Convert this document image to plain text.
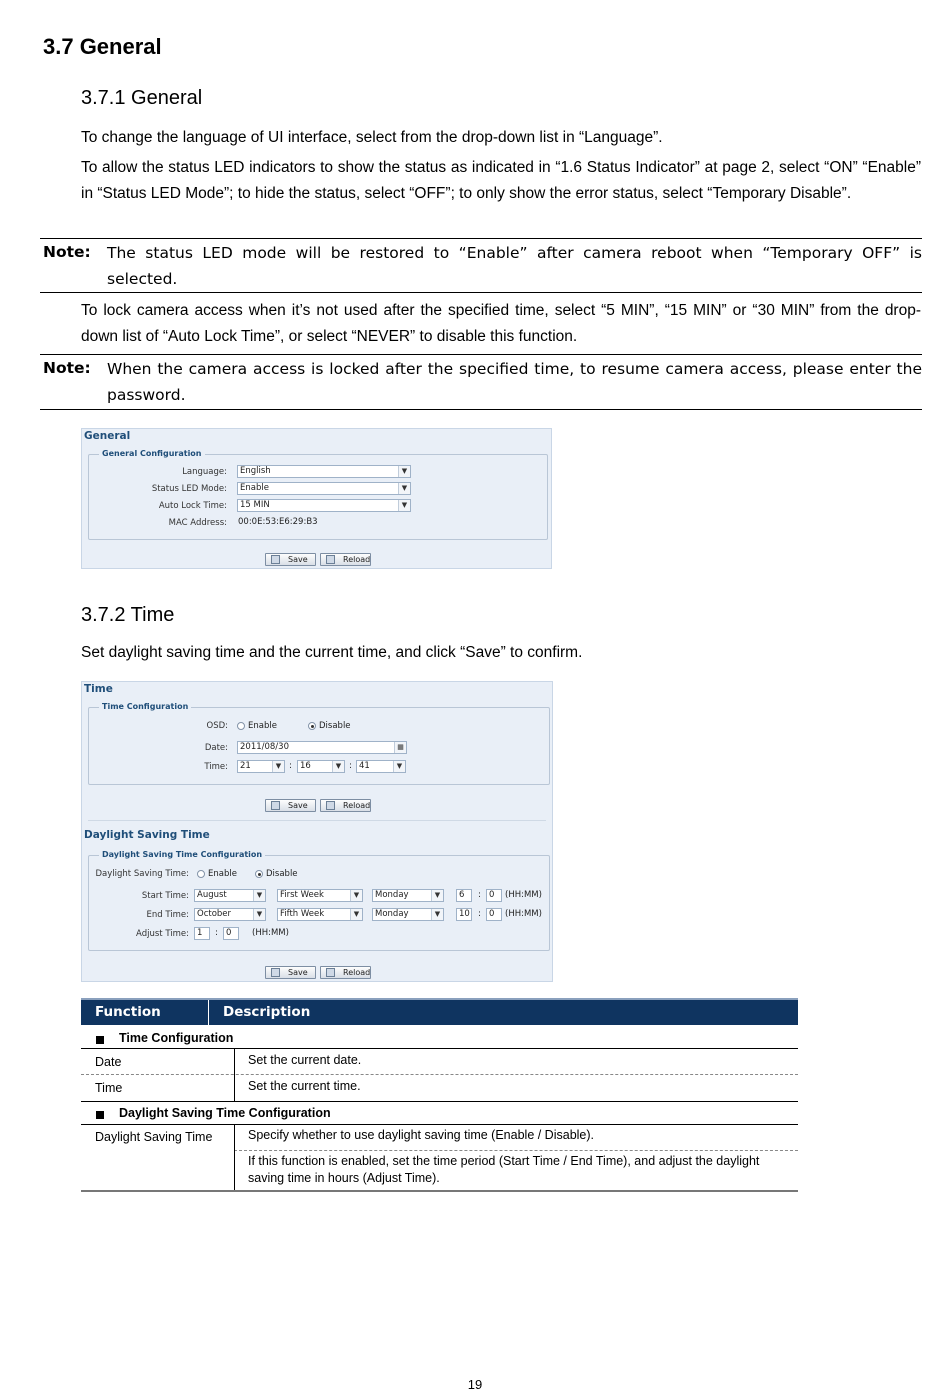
3.7 General
3.7.1 General

To change the language of UI interface, select from the drop-down list in “Language”.

To allow the status LED indicators to show the status as indicated in “1.6 Status Indicator” at page 2, select “ON” “Enable” in “Status LED Mode”; to hide the status, select “OFF”; to only show the error status, select “Temporary Disable”.

Note: The status LED mode will be restored to “Enable” after camera reboot when “Temporary OFF” is selected.

To lock camera access when it’s not used after the specified time, select “5 MIN”, “15 MIN” or “30 MIN” from the drop-down list of “Auto Lock Time”, or select “NEVER” to disable this function.

Note: When the camera access is locked after the specified time, to resume camera access, please enter the password.
General
General Configuration
Language:	English	▼
Status LED Mode:	Enable	▼
Auto Lock Time:	15 MIN	▼
MAC Address: 00:0E:53:E6:29:B3
Save	Reload
3.7.2 Time

Set daylight saving time and the current time, and click “Save” to confirm.

Time
Time Configuration
OSD: Enable	Disable
Date:	2011/08/30	▦
Time:	21	▼ : 16	▼ : 41	▼
Save	Reload
Daylight Saving Time
Daylight Saving Time Configuration
Daylight Saving Time: Enable	Disable
Start Time: August	▼	First Week	▼	Monday	▼	6	: 0	(HH:MM)
End Time: October	▼	Fifth Week	▼	Monday	▼	10 : 0	(HH:MM)
Adjust Time: 1	: 0	(HH:MM)
Save	Reload
Function	Description
Time Configuration
Date	Set the current date.
Time	Set the current time.
Daylight Saving Time Configuration
Daylight Saving Time	Specify whether to use daylight saving time (Enable / Disable).
If this function is enabled, set the time period (Start Time / End Time), and adjust the daylight saving time in hours (Adjust Time).
19
